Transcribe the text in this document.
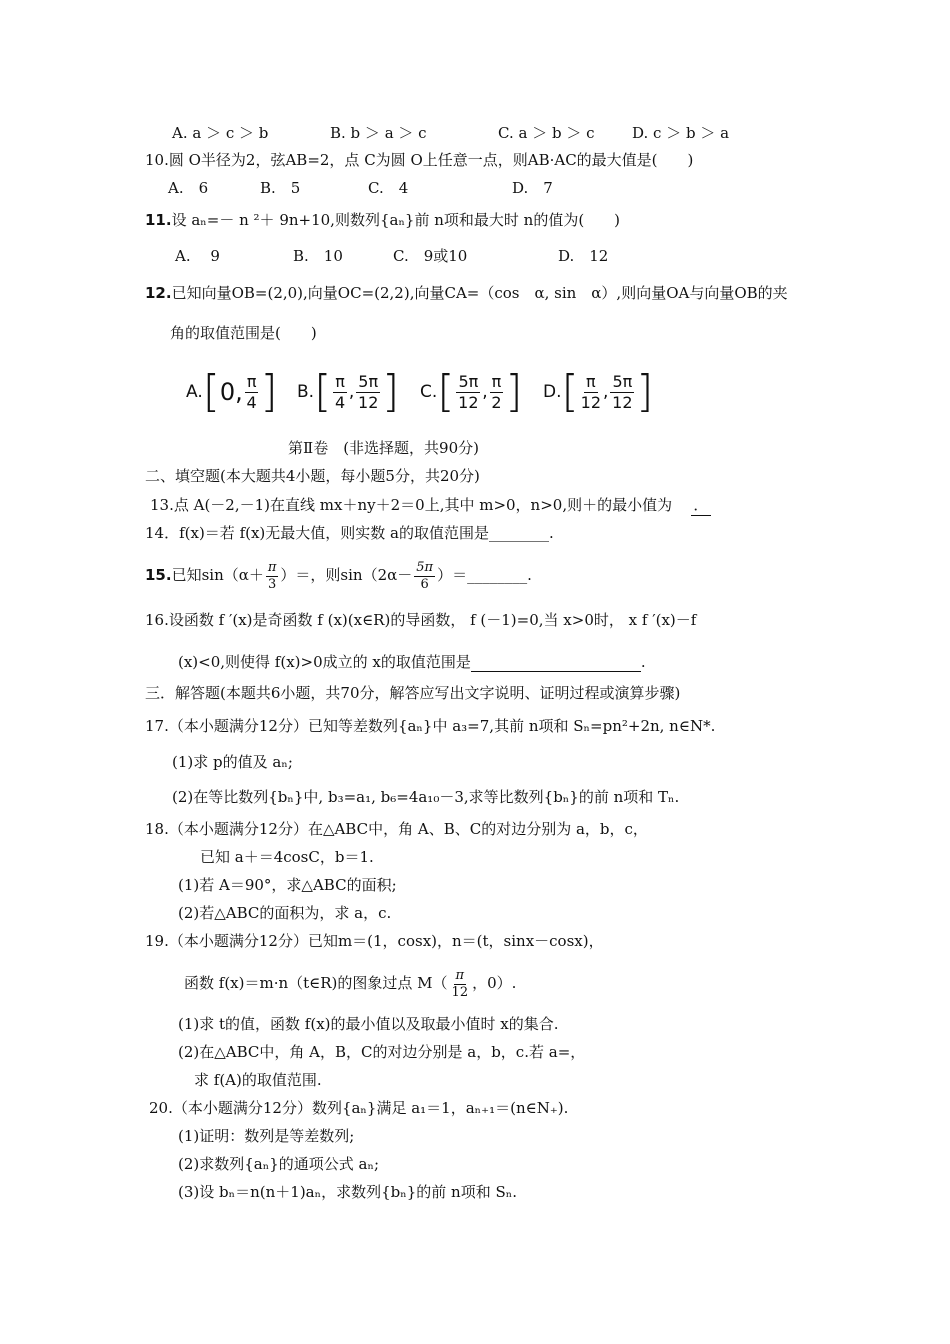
A. a ＞ c ＞ b	B. b ＞ a ＞ c	C. a ＞ b ＞ c	D. c ＞ b ＞ a
10.圆 O半径为2，弦AB=2，点 C为圆 O上任意一点，则AB·AC的最大值是(　　)
A.　6	B.　5	C.　4	D.　7
11.设 aₙ=－ n ²＋ 9n+10,则数列{aₙ}前 n项和最大时 n的值为(　　)
A.　 9	B.　10	C.　9或10	D.　12
12.已知向量OB=(2,0),向量OC=(2,2),向量CA=（cos　α, sin　α）,则向量OA与向量OB的夹
角的取值范围是(　　)
A. [ 0, $\frac{\pi}{4}$ ] B. [ $\frac{\pi}{4}$ , $\frac{5\pi}{12}$ ] C. [ $\frac{5\pi}{12}$ , $\frac{\pi}{2}$ ] D. [ $\frac{\pi}{12}$ , $\frac{5\pi}{12}$ ]
第Ⅱ卷　(非选择题，共90分)
二、填空题(本大题共4小题，每小题5分，共20分)
13.点 A(－2,－1)在直线 mx＋ny＋2＝0上,其中 m>0，n>0,则＋的最小值为 ．
14．f(x)＝若 f(x)无最大值，则实数 a的取值范围是________.
15.已知$\sin(\alpha+ \frac{\pi}{3}$ ）＝，则$\sin(2\alpha- \frac{5\pi}{6}$ ）＝________.
16.设函数 f ′(x)是奇函数 f (x)(x∈R)的导函数， f (－1)=0,当 x>0时， x f ′(x)－f
(x)<0,则使得 f(x)>0成立的 x的取值范围是	.
三．解答题(本题共6小题，共70分，解答应写出文字说明、证明过程或演算步骤)
17.（本小题满分12分）已知等差数列{aₙ}中 a₃=7,其前 n项和 Sₙ=pn²+2n, n∈N*.
(1)求 p的值及 aₙ;
(2)在等比数列{bₙ}中, b₃=a₁, b₆=4a₁₀－3,求等比数列{bₙ}的前 n项和 Tₙ.
18.（本小题满分12分）在△ABC中，角 A、B、C的对边分别为 a，b，c，
已知 a＋＝4cosC，b＝1.
(1)若 A＝90°，求△ABC的面积;
(2)若△ABC的面积为，求 a，c.
19.（本小题满分12分）已知m＝(1，cosx)，n＝(t，sinx－cosx)，
函数 f(x)＝m·n（t∈R)的图象过点 $M( \frac{\pi}{12}$ ，0）.
(1)求 t的值，函数 f(x)的最小值以及取最小值时 x的集合.
(2)在△ABC中，角 A，B，C的对边分别是 a，b，c.若 a=，
求 f(A)的取值范围.
20.（本小题满分12分）数列{aₙ}满足 a₁＝1，aₙ₊₁＝(n∈N₊).
(1)证明：数列是等差数列;
(2)求数列{aₙ}的通项公式 aₙ;
(3)设 bₙ＝n(n＋1)aₙ，求数列{bₙ}的前 n项和 Sₙ.
